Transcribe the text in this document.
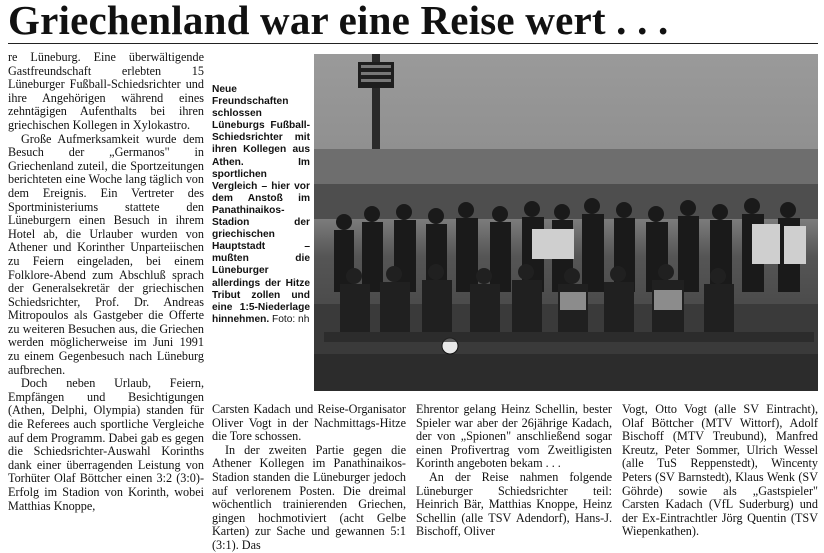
Griechenland war eine Reise wert . . .

re Lüneburg. Eine überwältigende Gastfreundschaft erlebten 15 Lüneburger Fußball-Schiedsrichter und ihre Angehörigen während eines zehntägigen Aufenthalts bei ihren griechischen Kollegen in Xylokastro.

Große Aufmerksamkeit wurde dem Besuch der „Germanos" in Griechenland zuteil, die Sportzeitungen berichteten eine Woche lang täglich von dem Ereignis. Ein Vertreter des Sportministeriums stattete den Lüneburgern einen Besuch in ihrem Hotel ab, die Urlauber wurden von Athener und Korinther Unparteiischen zu Feiern eingeladen, bei einem Folklore-Abend zum Abschluß sprach der Generalsekretär der griechischen Schiedsrichter, Prof. Dr. Andreas Mitropoulos als Gastgeber die Offerte zu weiteren Besuchen aus, die Griechen werden möglicherweise im Juni 1991 zu einem Gegenbesuch nach Lüneburg aufbrechen.

Doch neben Urlaub, Feiern, Empfängen und Besichtigungen (Athen, Delphi, Olympia) standen für die Referees auch sportliche Vergleiche auf dem Programm. Dabei gab es gegen die Schiedsrichter-Auswahl Korinths dank einer überragenden Leistung von Torhüter Olaf Böttcher einen 3:2 (3:0)-Erfolg im Stadion von Korinth, wobei Matthias Knoppe,

Neue Freundschaften schlossen Lüneburgs Fußball-Schiedsrichter mit ihren Kollegen aus Athen. Im sportlichen Vergleich – hier vor dem Anstoß im Panathinaikos-Stadion der griechischen Hauptstadt – mußten die Lüneburger allerdings der Hitze Tribut zollen und eine 1:5-Niederlage hinnehmen. Foto: nh

Carsten Kadach und Reise-Organisator Oliver Vogt in der Nachmittags-Hitze die Tore schossen.

In der zweiten Partie gegen die Athener Kollegen im Panathinaikos-Stadion standen die Lüneburger jedoch auf verlorenem Posten. Die dreimal wöchentlich trainierenden Griechen, gingen hochmotiviert (acht Gelbe Karten) zur Sache und gewannen 5:1 (3:1). Das

Ehrentor gelang Heinz Schellin, bester Spieler war aber der 26jährige Kadach, der von „Spionen" anschließend sogar einen Profivertrag vom Zweitligisten Korinth angeboten bekam . . .

An der Reise nahmen folgende Lüneburger Schiedsrichter teil: Heinrich Bär, Matthias Knoppe, Heinz Schellin (alle TSV Adendorf), Hans-J. Bischoff, Oliver

Vogt, Otto Vogt (alle SV Eintracht), Olaf Böttcher (MTV Wittorf), Adolf Bischoff (MTV Treubund), Manfred Kreutz, Peter Sommer, Ulrich Wessel (alle TuS Reppenstedt), Wincenty Peters (SV Barnstedt), Klaus Wenk (SV Göhrde) sowie als „Gastspieler" Carsten Kadach (VfL Suderburg) und der Ex-Eintrachtler Jörg Quentin (TSV Wiepenkathen).
